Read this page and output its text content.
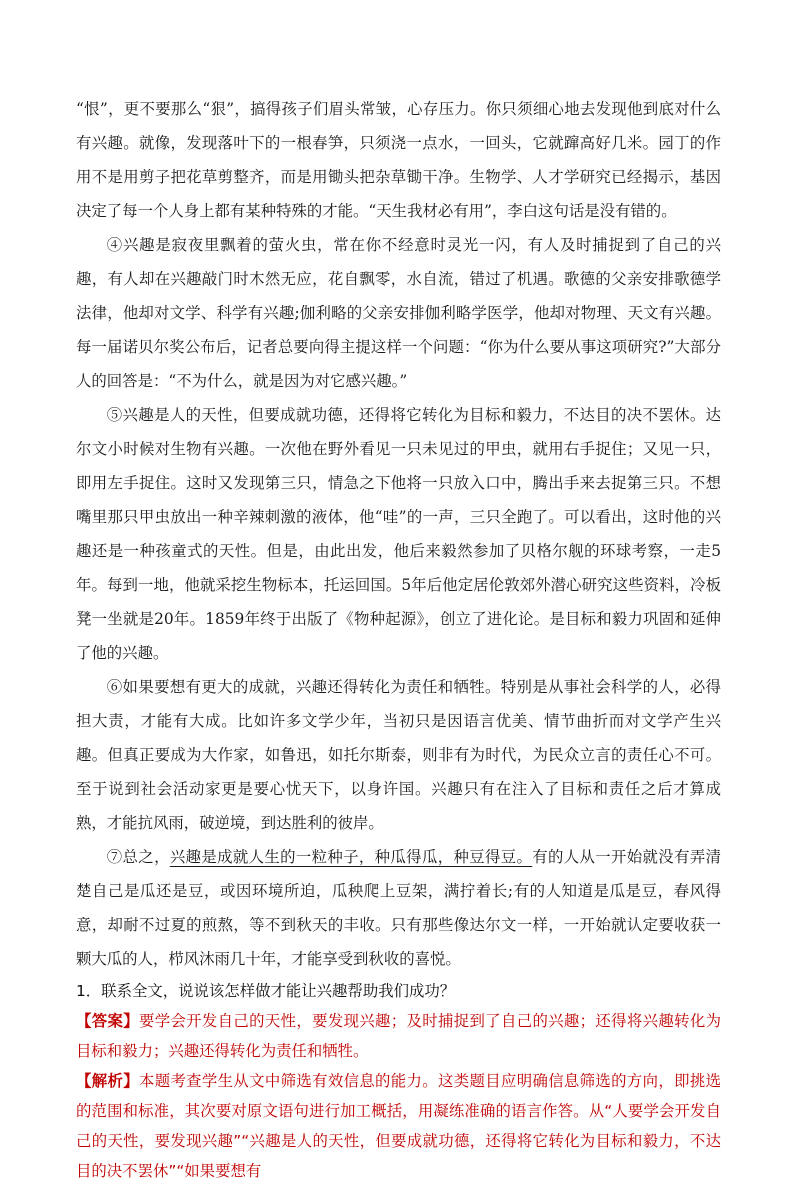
“恨”，更不要那么“狠”，搞得孩子们眉头常皱，心存压力。你只须细心地去发现他到底对什么有兴趣。就像，发现落叶下的一根春笋，只须浇一点水，一回头，它就蹿高好几米。园丁的作用不是用剪子把花草剪整齐，而是用锄头把杂草锄干净。生物学、人才学研究已经揭示，基因决定了每一个人身上都有某种特殊的才能。“天生我材必有用”，李白这句话是没有错的。

④兴趣是寂夜里飘着的萤火虫，常在你不经意时灵光一闪，有人及时捕捉到了自己的兴趣，有人却在兴趣敲门时木然无应，花自飘零，水自流，错过了机遇。歌德的父亲安排歌德学法律，他却对文学、科学有兴趣;伽利略的父亲安排伽利略学医学，他却对物理、天文有兴趣。每一届诺贝尔奖公布后，记者总要向得主提这样一个问题：“你为什么要从事这项研究?”大部分人的回答是：“不为什么，就是因为对它感兴趣。”

⑤兴趣是人的天性，但要成就功德，还得将它转化为目标和毅力，不达目的决不罢休。达尔文小时候对生物有兴趣。一次他在野外看见一只未见过的甲虫，就用右手捉住；又见一只，即用左手捉住。这时又发现第三只，情急之下他将一只放入口中，腾出手来去捉第三只。不想嘴里那只甲虫放出一种辛辣刺激的液体，他“哇”的一声，三只全跑了。可以看出，这时他的兴趣还是一种孩童式的天性。但是，由此出发，他后来毅然参加了贝格尔舰的环球考察，一走5年。每到一地，他就采挖生物标本，托运回国。5年后他定居伦敦郊外潜心研究这些资料，冷板凳一坐就是20年。1859年终于出版了《物种起源》，创立了进化论。是目标和毅力巩固和延伸了他的兴趣。

⑥如果要想有更大的成就，兴趣还得转化为责任和牺牲。特别是从事社会科学的人，必得担大责，才能有大成。比如许多文学少年，当初只是因语言优美、情节曲折而对文学产生兴趣。但真正要成为大作家，如鲁迅，如托尔斯泰，则非有为时代，为民众立言的责任心不可。至于说到社会活动家更是要心忧天下，以身许国。兴趣只有在注入了目标和责任之后才算成熟，才能抗风雨，破逆境，到达胜利的彼岸。

⑦总之，兴趣是成就人生的一粒种子，种瓜得瓜，种豆得豆。有的人从一开始就没有弄清楚自己是瓜还是豆，或因环境所迫，瓜秧爬上豆架，满拧着长;有的人知道是瓜是豆，春风得意，却耐不过夏的煎熬，等不到秋天的丰收。只有那些像达尔文一样，一开始就认定要收获一颗大瓜的人，栉风沐雨几十年，才能享受到秋收的喜悦。

1．联系全文，说说该怎样做才能让兴趣帮助我们成功？

【答案】要学会开发自己的天性，要发现兴趣；及时捕捉到了自己的兴趣；还得将兴趣转化为目标和毅力；兴趣还得转化为责任和牺牲。

【解析】本题考查学生从文中筛选有效信息的能力。这类题目应明确信息筛选的方向，即挑选的范围和标准，其次要对原文语句进行加工概括，用凝练准确的语言作答。从“人要学会开发自己的天性，要发现兴趣”“兴趣是人的天性，但要成就功德，还得将它转化为目标和毅力，不达目的决不罢休”“如果要想有
